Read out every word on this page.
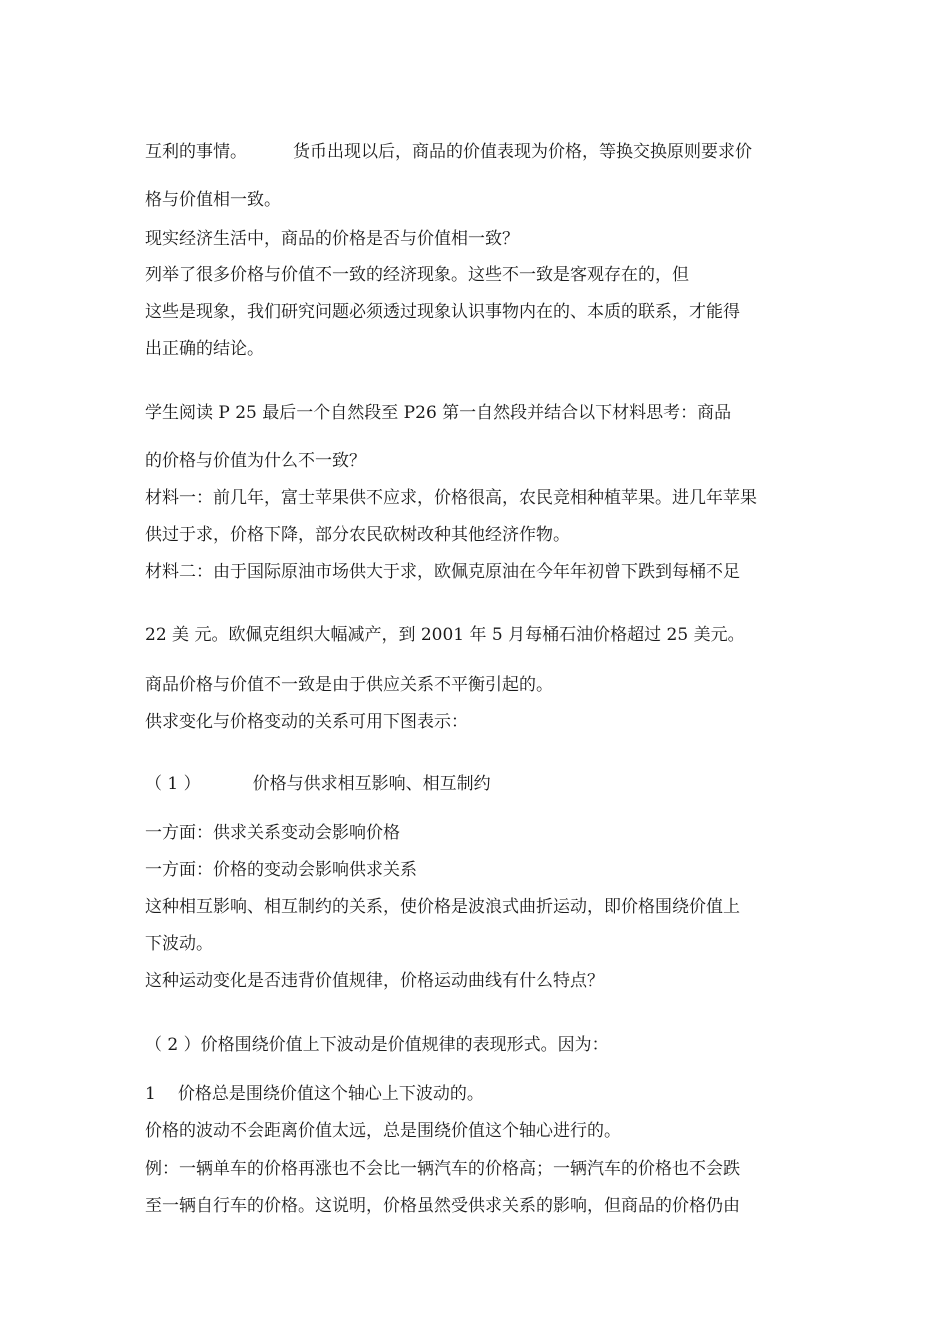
互利的事情。	货币出现以后，商品的价值表现为价格，等换交换原则要求价
格与价值相一致。
现实经济生活中，商品的价格是否与价值相一致？
列举了很多价格与价值不一致的经济现象。这些不一致是客观存在的，但
这些是现象，我们研究问题必须透过现象认识事物内在的、本质的联系，才能得
出正确的结论。
学生阅读 P 25 最后一个自然段至 P26 第一自然段并结合以下材料思考：商品
的价格与价值为什么不一致？
材料一：前几年，富士苹果供不应求，价格很高，农民竞相种植苹果。进几年苹果
供过于求，价格下降，部分农民砍树改种其他经济作物。
材料二：由于国际原油市场供大于求，欧佩克原油在今年年初曾下跌到每桶不足
22 美 元。欧佩克组织大幅减产，到 2001 年 5 月每桶石油价格超过 25 美元。
商品价格与价值不一致是由于供应关系不平衡引起的。
供求变化与价格变动的关系可用下图表示：
（ 1 ）	价格与供求相互影响、相互制约
一方面：供求关系变动会影响价格
一方面：价格的变动会影响供求关系
这种相互影响、相互制约的关系，使价格是波浪式曲折运动，即价格围绕价值上
下波动。
这种运动变化是否违背价值规律，价格运动曲线有什么特点？
（ 2 ）价格围绕价值上下波动是价值规律的表现形式。因为：
1 价格总是围绕价值这个轴心上下波动的。
价格的波动不会距离价值太远，总是围绕价值这个轴心进行的。
例：一辆单车的价格再涨也不会比一辆汽车的价格高；一辆汽车的价格也不会跌
至一辆自行车的价格。这说明，价格虽然受供求关系的影响，但商品的价格仍由
